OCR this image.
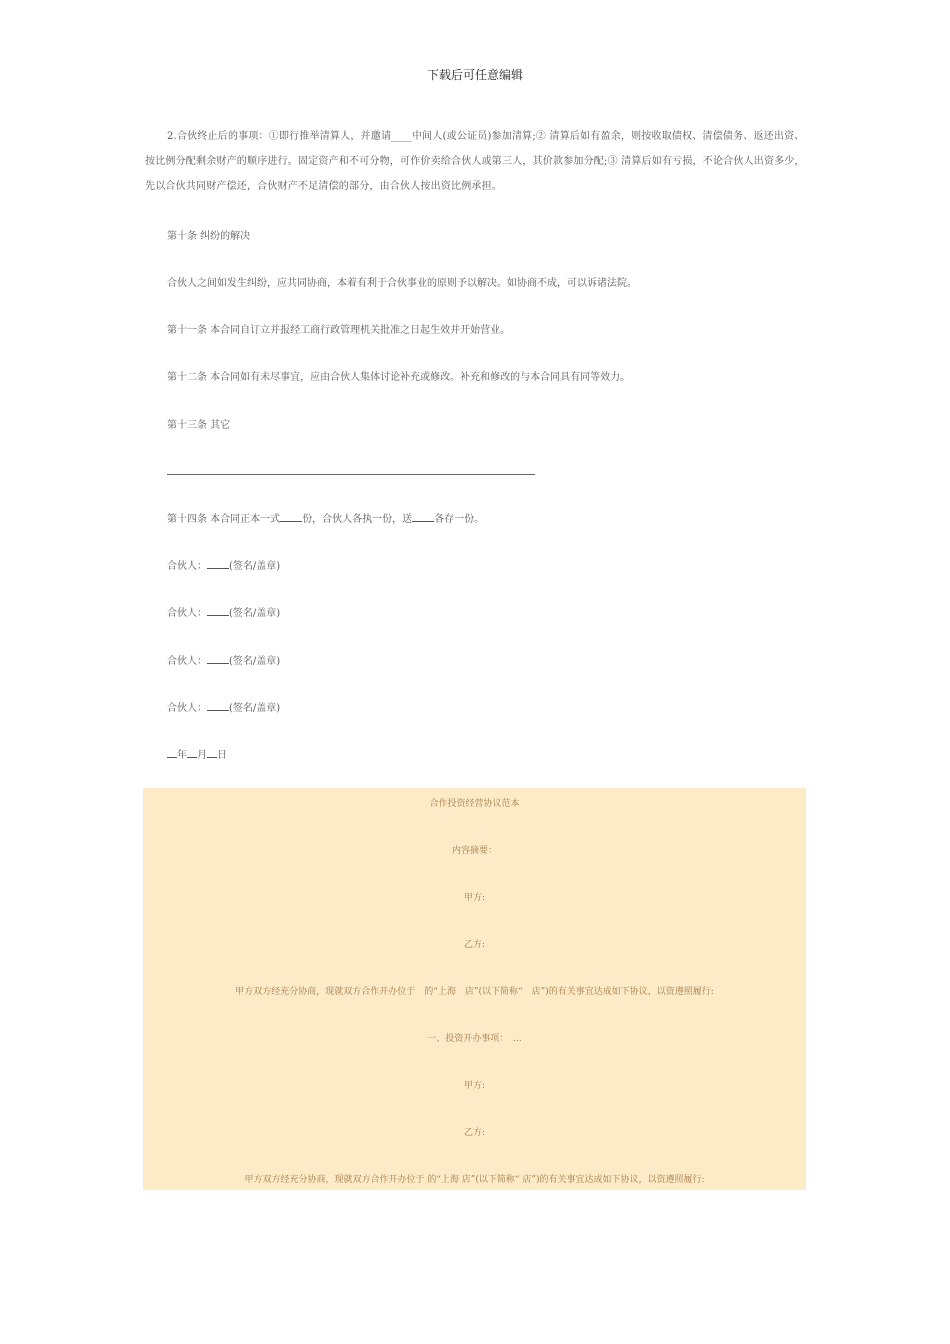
下载后可任意编辑
2.合伙终止后的事项：①即行推举清算人，并邀请____中间人(或公证员)参加清算;② 清算后如有盈余，则按收取债权、清偿债务、返还出资、按比例分配剩余财产的顺序进行。固定资产和不可分物，可作价卖给合伙人或第三人，其价款参加分配;③ 清算后如有亏损，不论合伙人出资多少，先以合伙共同财产偿还，合伙财产不足清偿的部分，由合伙人按出资比例承担。
第十条 纠纷的解决
合伙人之间如发生纠纷，应共同协商，本着有利于合伙事业的原则予以解决。如协商不成，可以诉诸法院。
第十一条 本合同自订立并报经工商行政管理机关批准之日起生效并开始营业。
第十二条 本合同如有未尽事宜，应由合伙人集体讨论补充或修改。补充和修改的与本合同具有同等效力。
第十三条 其它
第十四条 本合同正本一式 份，合伙人各执一份，送 各存一份。
合伙人： (签名/盖章)
合伙人： (签名/盖章)
合伙人： (签名/盖章)
合伙人： (签名/盖章)
年 月 日
合作投资经营协议范本
内容摘要：
甲方:
乙方:
甲方双方经充分协商，现就双方合作开办位于　的“上海　店”(以下简称“　店”)的有关事宜达成如下协议，以资遵照履行:
一、投资开办事项：　…
甲方:
乙方:
甲方双方经充分协商，现就双方合作开办位于 的“上海 店”(以下简称“ 店”)的有关事宜达成如下协议，以资遵照履行:
